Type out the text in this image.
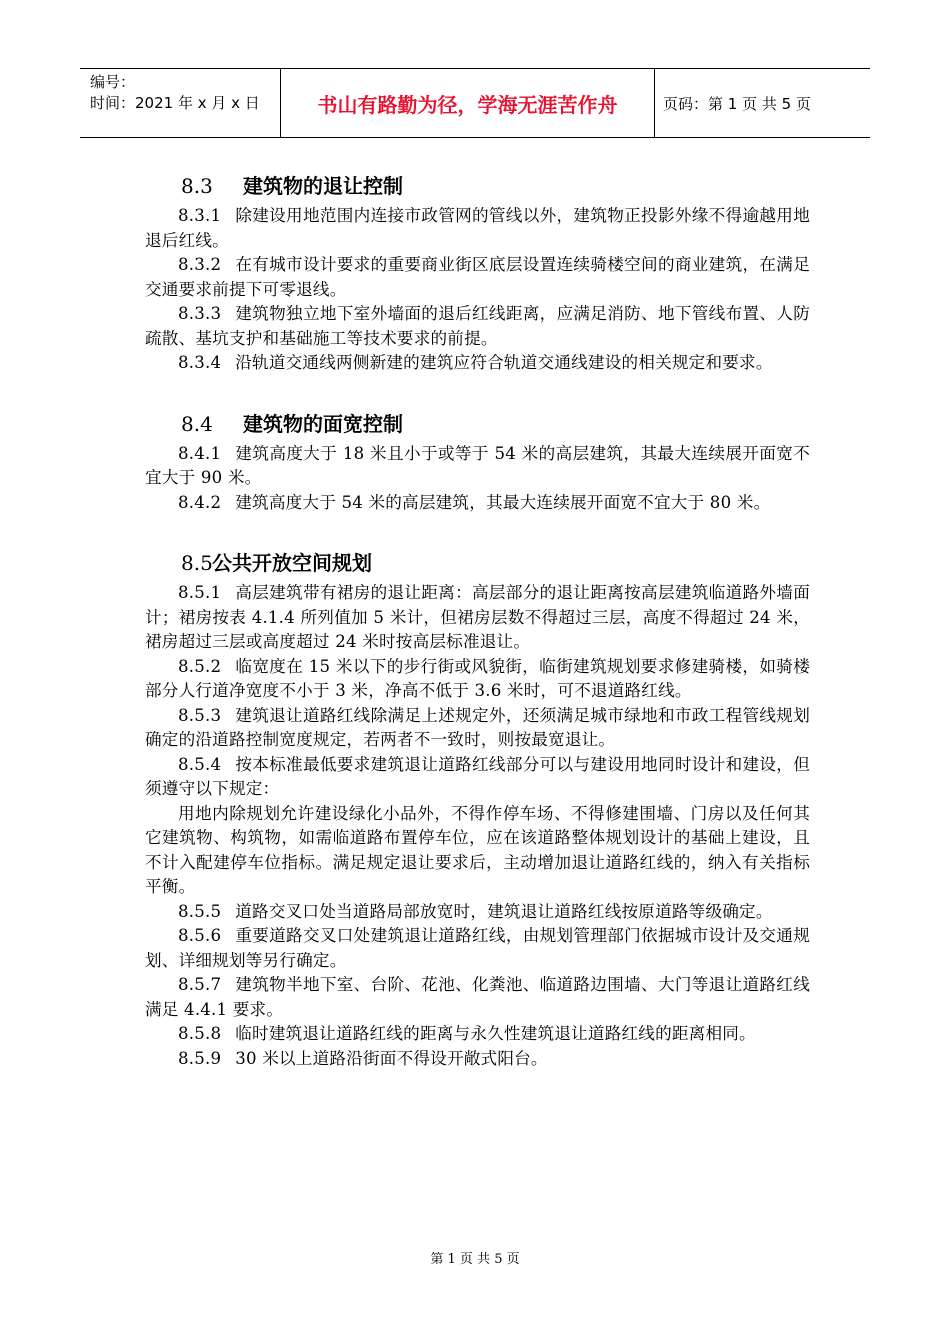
编号：
时间：2021 年 x 月 x 日	书山有路勤为径，学海无涯苦作舟	页码：第 1 页 共 5 页
8.3 建筑物的退让控制
8.3.1 除建设用地范围内连接市政管网的管线以外，建筑物正投影外缘不得逾越用地退后红线。
8.3.2 在有城市设计要求的重要商业街区底层设置连续骑楼空间的商业建筑，在满足交通要求前提下可零退线。
8.3.3 建筑物独立地下室外墙面的退后红线距离，应满足消防、地下管线布置、人防疏散、基坑支护和基础施工等技术要求的前提。
8.3.4 沿轨道交通线两侧新建的建筑应符合轨道交通线建设的相关规定和要求。
8.4 建筑物的面宽控制
8.4.1 建筑高度大于 18 米且小于或等于 54 米的高层建筑，其最大连续展开面宽不宜大于 90 米。
8.4.2 建筑高度大于 54 米的高层建筑，其最大连续展开面宽不宜大于 80 米。
8.5 公共开放空间规划
8.5.1 高层建筑带有裙房的退让距离：高层部分的退让距离按高层建筑临道路外墙面计；裙房按表 4.1.4 所列值加 5 米计，但裙房层数不得超过三层，高度不得超过 24 米，裙房超过三层或高度超过 24 米时按高层标准退让。
8.5.2 临宽度在 15 米以下的步行街或风貌街，临街建筑规划要求修建骑楼，如骑楼部分人行道净宽度不小于 3 米，净高不低于 3.6 米时，可不退道路红线。
8.5.3 建筑退让道路红线除满足上述规定外，还须满足城市绿地和市政工程管线规划确定的沿道路控制宽度规定，若两者不一致时，则按最宽退让。
8.5.4 按本标准最低要求建筑退让道路红线部分可以与建设用地同时设计和建设，但须遵守以下规定：
用地内除规划允许建设绿化小品外，不得作停车场、不得修建围墙、门房以及任何其它建筑物、构筑物，如需临道路布置停车位，应在该道路整体规划设计的基础上建设，且不计入配建停车位指标。满足规定退让要求后，主动增加退让道路红线的，纳入有关指标平衡。
8.5.5 道路交叉口处当道路局部放宽时，建筑退让道路红线按原道路等级确定。
8.5.6 重要道路交叉口处建筑退让道路红线，由规划管理部门依据城市设计及交通规划、详细规划等另行确定。
8.5.7 建筑物半地下室、台阶、花池、化粪池、临道路边围墙、大门等退让道路红线满足 4.4.1 要求。
8.5.8 临时建筑退让道路红线的距离与永久性建筑退让道路红线的距离相同。
8.5.9 30 米以上道路沿街面不得设开敞式阳台。
第 1 页 共 5 页
